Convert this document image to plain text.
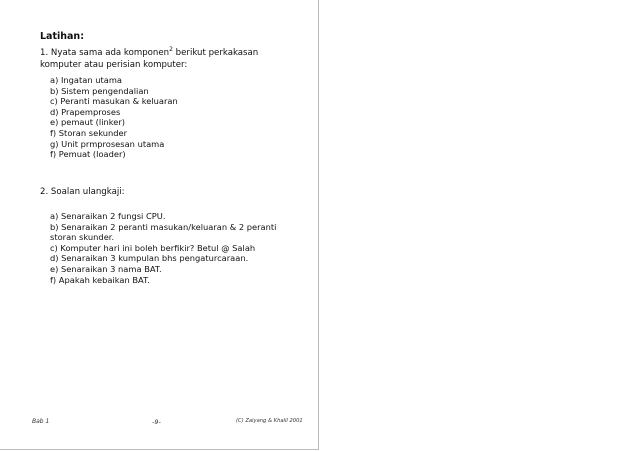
Latihan:
1. Nyata sama ada komponen$^2$ berikut perkakasan komputer atau perisian komputer:
a) Ingatan utama
b) Sistem pengendalian
c) Peranti masukan & keluaran
d) Prapemproses
e) pemaut (linker)
f) Storan sekunder
g) Unit prmprosesan utama
f) Pemuat (loader)
2. Soalan ulangkaji:
a) Senaraikan 2 fungsi CPU.
b) Senaraikan 2 peranti masukan/keluaran & 2 peranti storan skunder.
c) Komputer hari ini boleh berfikir? Betul @ Salah
d) Senaraikan 3 kumpulan bhs pengaturcaraan.
e) Senaraikan 3 nama BAT.
f) Apakah kebaikan BAT.
Bab 1	-9-	(C) Zaiyang & Khalil 2001
